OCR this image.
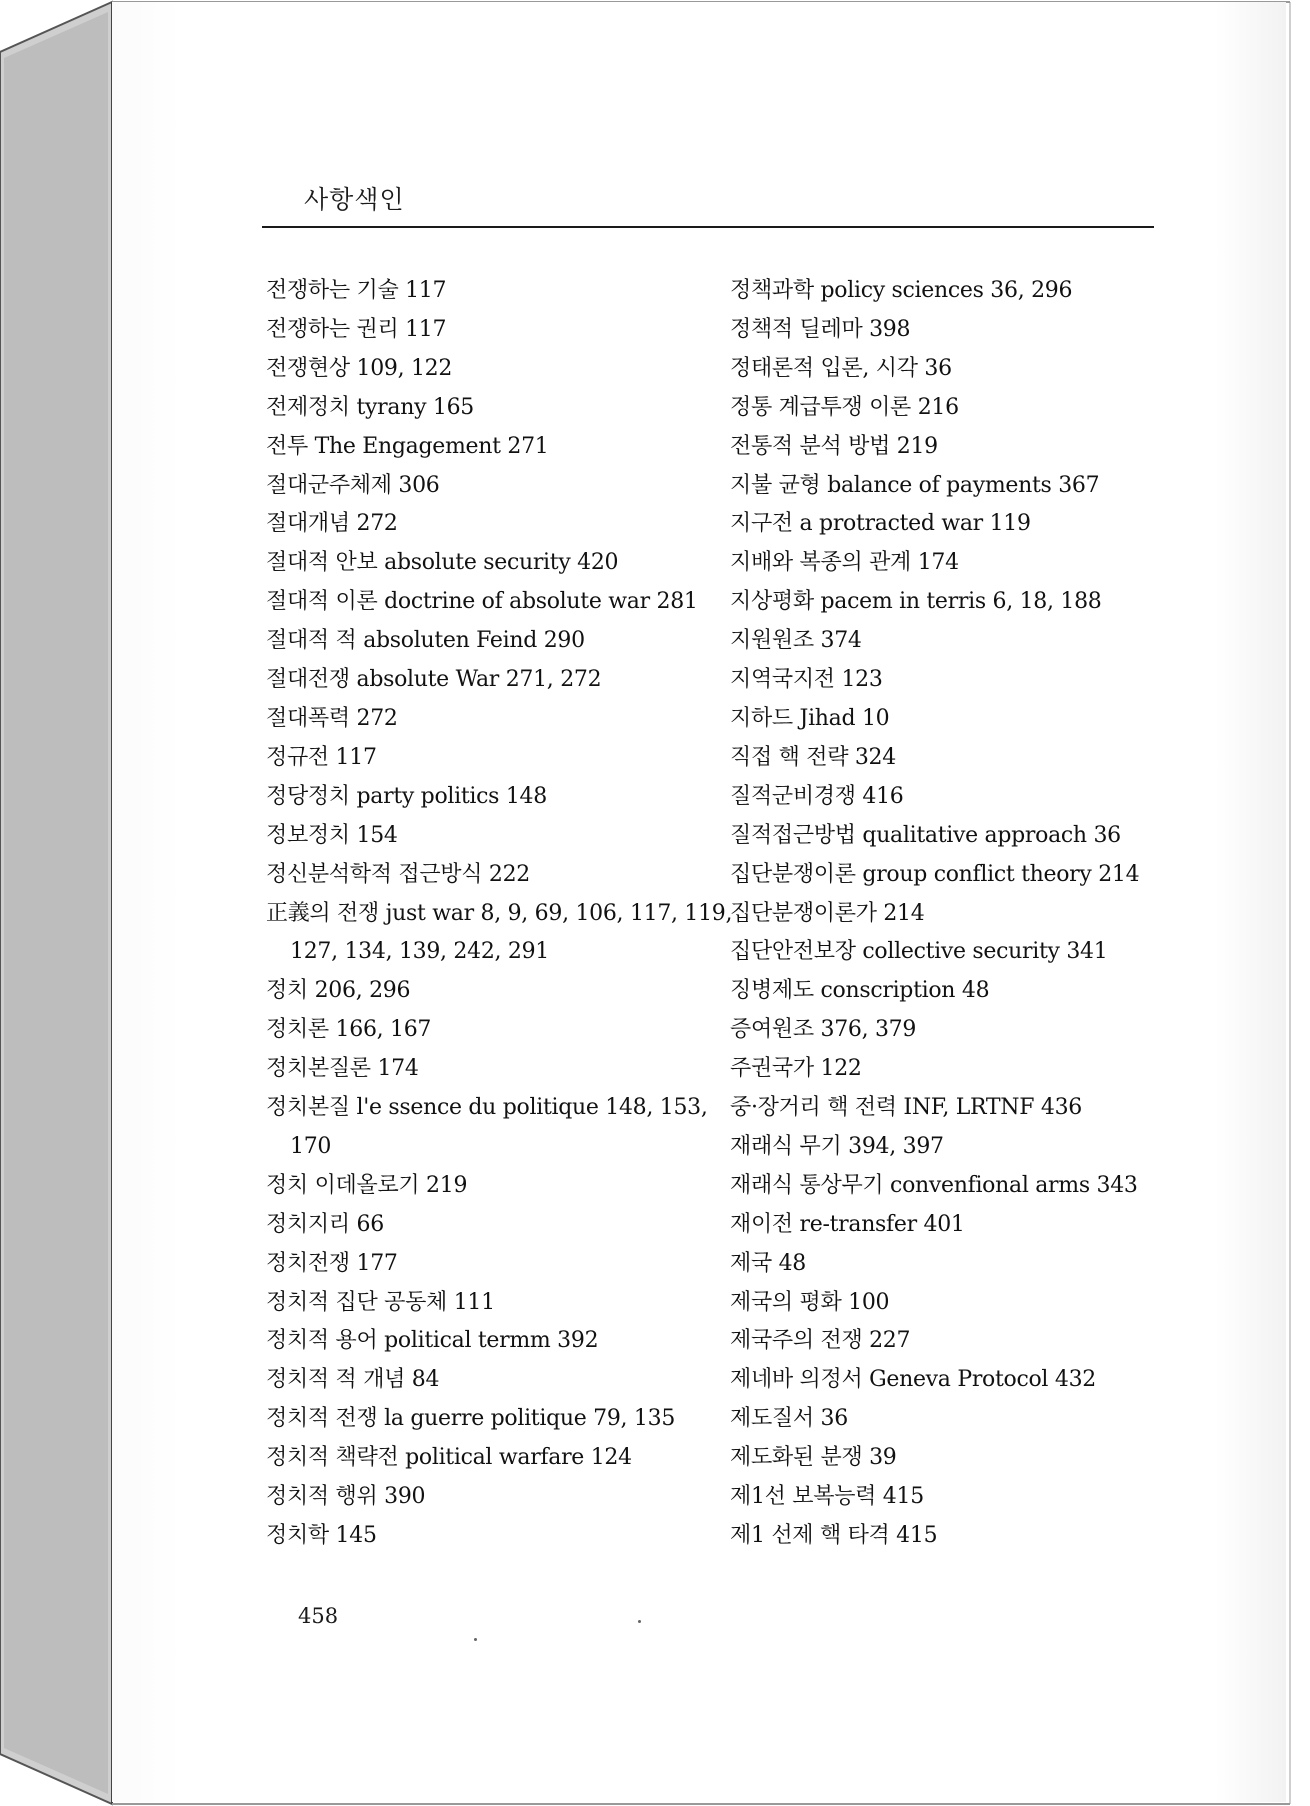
사항색인
전쟁하는 기술 117
전쟁하는 권리 117
전쟁현상 109, 122
전제정치 tyrany 165
전투 The Engagement 271
절대군주체제 306
절대개념 272
절대적 안보 absolute security 420
절대적 이론 doctrine of absolute war 281
절대적 적 absoluten Feind 290
절대전쟁 absolute War 271, 272
절대폭력 272
정규전 117
정당정치 party politics 148
정보정치 154
정신분석학적 접근방식 222
正義의 전쟁 just war 8, 9, 69, 106, 117, 119,
127, 134, 139, 242, 291
정치 206, 296
정치론 166, 167
정치본질론 174
정치본질 l'e ssence du politique 148, 153,
170
정치 이데올로기 219
정치지리 66
정치전쟁 177
정치적 집단 공동체 111
정치적 용어 political termm 392
정치적 적 개념 84
정치적 전쟁 la guerre politique 79, 135
정치적 책략전 political warfare 124
정치적 행위 390
정치학 145
정책과학 policy sciences 36, 296
정책적 딜레마 398
정태론적 입론, 시각 36
정통 계급투쟁 이론 216
전통적 분석 방법 219
지불 균형 balance of payments 367
지구전 a protracted war 119
지배와 복종의 관계 174
지상평화 pacem in terris 6, 18, 188
지원원조 374
지역국지전 123
지하드 Jihad 10
직접 핵 전략 324
질적군비경쟁 416
질적접근방법 qualitative approach 36
집단분쟁이론 group conflict theory 214
집단분쟁이론가 214
집단안전보장 collective security 341
징병제도 conscription 48
증여원조 376, 379
주권국가 122
중·장거리 핵 전력 INF, LRTNF 436
재래식 무기 394, 397
재래식 통상무기 convenfional arms 343
재이전 re-transfer 401
제국 48
제국의 평화 100
제국주의 전쟁 227
제네바 의정서 Geneva Protocol 432
제도질서 36
제도화된 분쟁 39
제1선 보복능력 415
제1 선제 핵 타격 415
458
